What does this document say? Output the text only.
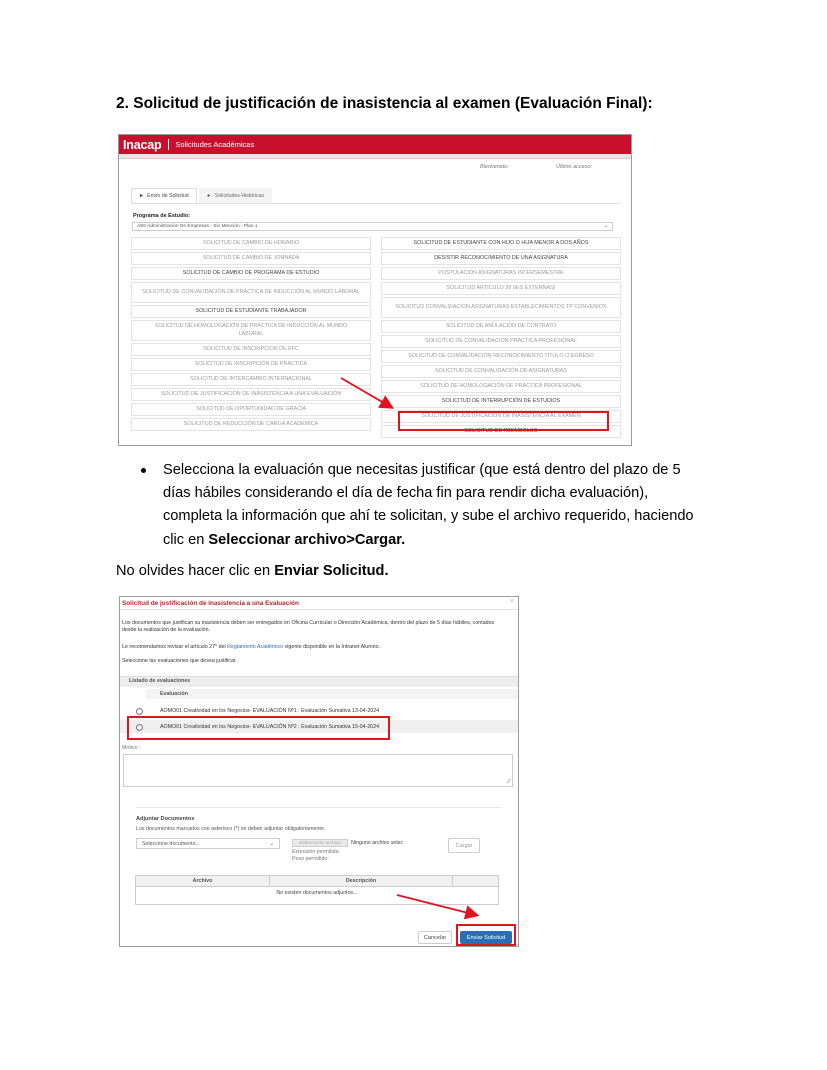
2. Solicitud de justificación de inasistencia al examen (Evaluación Final):
Inacap Solicitudes Académicas
Bienvenido:	Último acceso:
► Envío de Solicitud	► Solicitudes Históricas
Programa de Estudio:
AE0 Administración De Empresas - Sin Mención - Plan 1	⌄
SOLICITUD DE CAMBIO DE HORARIO
SOLICITUD DE CAMBIO DE JORNADA
SOLICITUD DE CAMBIO DE PROGRAMA DE ESTUDIO
SOLICITUD DE CONVALIDACIÓN DE PRÁCTICA DE INDUCCIÓN AL MUNDO LABORAL
SOLICITUD DE ESTUDIANTE TRABAJADOR
SOLICITUD DE HOMOLOGACIÓN DE PRÁCTICA DE INDUCCIÓN AL MUNDO LABORAL
SOLICITUD DE INSCRIPCIÓN DE EFC
SOLICITUD DE INSCRIPCIÓN DE PRÁCTICA
SOLICITUD DE INTERCAMBIO INTERNACIONAL
SOLICITUD DE JUSTIFICACIÓN DE INASISTENCIA A UNA EVALUACIÓN
SOLICITUD DE OPORTUNIDAD DE GRACIA
SOLICITUD DE REDUCCIÓN DE CARGA ACADÉMICA
SOLICITUD DE ESTUDIANTE CON HIJO O HIJA MENOR A DOS AÑOS
DESISTIR RECONOCIMIENTO DE UNA ASIGNATURA
POSTULACIÓN ASIGNATURAS INTERSEMESTRE
SOLICITUD ARTICULO 39 (IES EXTERNAS)
SOLICITUD CONVALIDACIÓN ASIGNATURAS ESTABLECIMIENTOS TP CONVENIOS
SOLICITUD DE ANULACIÓN DE CONTRATO
SOLICITUD DE CONVALIDACIÓN PRÁCTICA PROFESIONAL
SOLICITUD DE CONVALIDACIÓN RECONOCIMIENTO TÍTULO O EGRESO
SOLICITUD DE CONVALIDACIÓN DE ASIGNATURAS
SOLICITUD DE HOMOLOGACIÓN DE PRÁCTICA PROFESIONAL
SOLICITUD DE INTERRUPCIÓN DE ESTUDIOS
SOLICITUD DE JUSTIFICACIÓN DE INASISTENCIA AL EXAMEN
SOLICITUD DE REEMBOLSO
Selecciona la evaluación que necesitas justificar (que está dentro del plazo de 5 días hábiles considerando el día de fecha fin para rendir dicha evaluación), completa la información que ahí te solicitan, y sube el archivo requerido, haciendo clic en Seleccionar archivo>Cargar.
No olvides hacer clic en Enviar Solicitud.
Solicitud de justificación de inasistencia a una Evaluación	×
Los documentos que justifican su inasistencia deben ser entregados en Oficina Curricular o Dirección Académica, dentro del plazo de 5 días hábiles, contados desde la realización de la evaluación.
Le recomendamos revisar el artículo 27° del Reglamento Académico vigente disponible en la Intranet Alumno.
Seleccione las evaluaciones que desea justificar.
Listado de evaluaciones
Evaluación
AOMO01 Creatividad en los Negocios- EVALUACIÓN Nº1 : Evaluación Sumativa 13-04-2024
AOMO01 Creatividad en los Negocios- EVALUACIÓN Nº2 : Evaluación Sumativa 15-04-2024
Motivo :
⁄⁄
Adjuntar Documentos
Los documentos marcados con asterisco (*) se deben adjuntar obligatoriamente.
Seleccione documento...	⌄	Seleccionar archivo	Ninguno archivo selec
Extensión permitida:
Peso permitido:
Cargar
Archivo	Descripción
No existen documentos adjuntos...
Cancelar	Enviar Solicitud
